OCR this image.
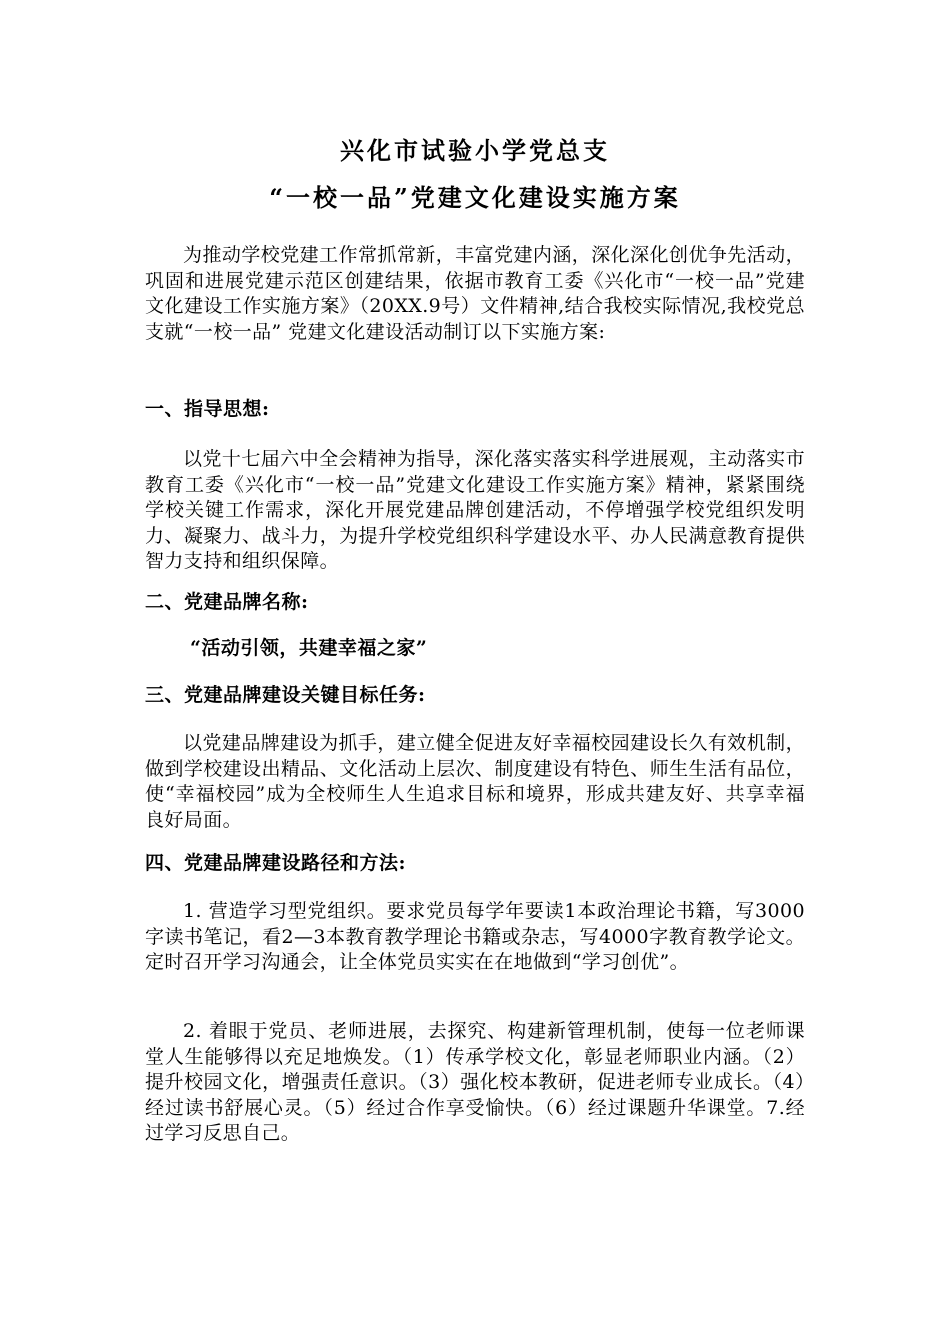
兴化市试验小学党总支
“一校一品”党建文化建设实施方案

为推动学校党建工作常抓常新，丰富党建内涵，深化深化创优争先活动，巩固和进展党建示范区创建结果，依据市教育工委《兴化市“一校一品”党建文化建设工作实施方案》（20XX.9号）文件精神,结合我校实际情况,我校党总支就“一校一品” 党建文化建设活动制订以下实施方案:

一、指导思想:

以党十七届六中全会精神为指导，深化落实落实科学进展观，主动落实市教育工委《兴化市“一校一品”党建文化建设工作实施方案》精神，紧紧围绕学校关键工作需求，深化开展党建品牌创建活动，不停增强学校党组织发明力、凝聚力、战斗力，为提升学校党组织科学建设水平、办人民满意教育提供智力支持和组织保障。

二、党建品牌名称:

“活动引领，共建幸福之家”

三、党建品牌建设关键目标任务:

以党建品牌建设为抓手，建立健全促进友好幸福校园建设长久有效机制，做到学校建设出精品、文化活动上层次、制度建设有特色、师生生活有品位，使“幸福校园”成为全校师生人生追求目标和境界，形成共建友好、共享幸福良好局面。

四、党建品牌建设路径和方法:

1. 营造学习型党组织。要求党员每学年要读1本政治理论书籍，写3000字读书笔记，看2—3本教育教学理论书籍或杂志，写4000字教育教学论文。定时召开学习沟通会，让全体党员实实在在地做到“学习创优”。

2. 着眼于党员、老师进展，去探究、构建新管理机制，使每一位老师课堂人生能够得以充足地焕发。（1）传承学校文化，彰显老师职业内涵。（2）提升校园文化，增强责任意识。（3）强化校本教研，促进老师专业成长。（4）经过读书舒展心灵。（5）经过合作享受愉快。（6）经过课题升华课堂。7.经过学习反思自己。
